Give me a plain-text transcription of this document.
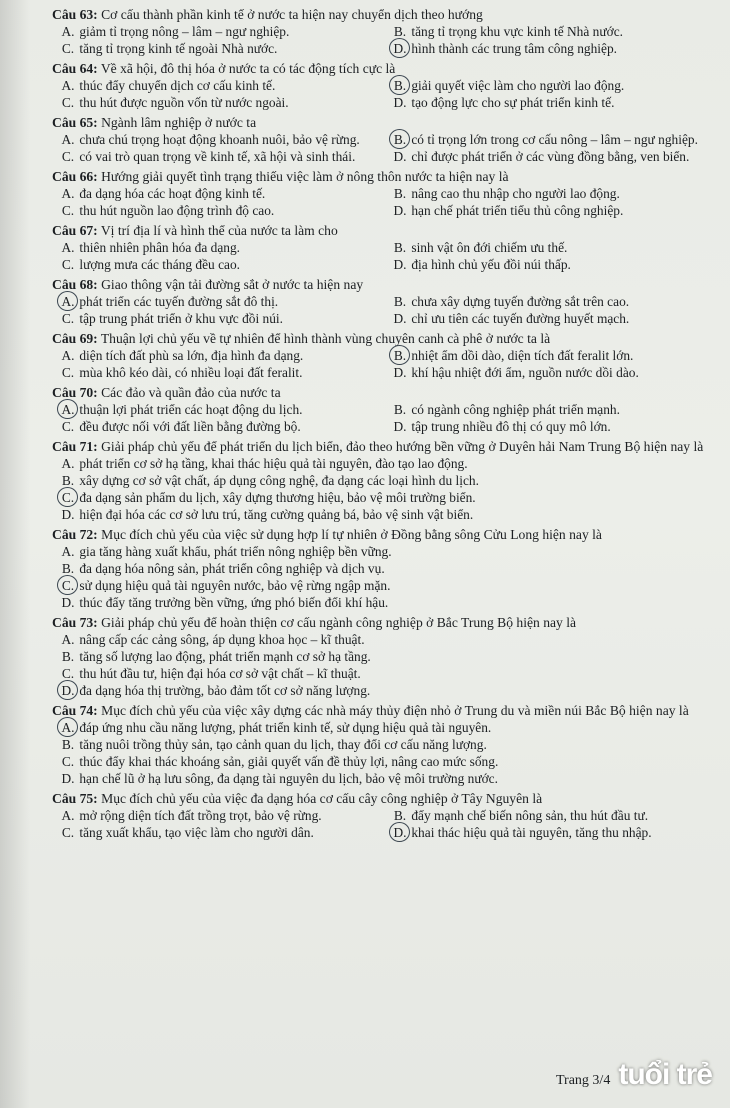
Câu 63: Cơ cấu thành phần kinh tế ở nước ta hiện nay chuyển dịch theo hướng

A. giảm tỉ trọng nông – lâm – ngư nghiệp.	B. tăng tỉ trọng khu vực kinh tế Nhà nước.
C. tăng tỉ trọng kinh tế ngoài Nhà nước.	D. hình thành các trung tâm công nghiệp.

Câu 64: Về xã hội, đô thị hóa ở nước ta có tác động tích cực là

A. thúc đẩy chuyển dịch cơ cấu kinh tế.	B. giải quyết việc làm cho người lao động.
C. thu hút được nguồn vốn từ nước ngoài.	D. tạo động lực cho sự phát triển kinh tế.

Câu 65: Ngành lâm nghiệp ở nước ta

A. chưa chú trọng hoạt động khoanh nuôi, bảo vệ rừng.	B. có tỉ trọng lớn trong cơ cấu nông – lâm – ngư nghiệp.
C. có vai trò quan trọng về kinh tế, xã hội và sinh thái.	D. chỉ được phát triển ở các vùng đồng bằng, ven biển.

Câu 66: Hướng giải quyết tình trạng thiếu việc làm ở nông thôn nước ta hiện nay là

A. đa dạng hóa các hoạt động kinh tế.	B. nâng cao thu nhập cho người lao động.
C. thu hút nguồn lao động trình độ cao.	D. hạn chế phát triển tiểu thủ công nghiệp.

Câu 67: Vị trí địa lí và hình thể của nước ta làm cho

A. thiên nhiên phân hóa đa dạng.	B. sinh vật ôn đới chiếm ưu thế.
C. lượng mưa các tháng đều cao.	D. địa hình chủ yếu đồi núi thấp.

Câu 68: Giao thông vận tải đường sắt ở nước ta hiện nay

A. phát triển các tuyến đường sắt đô thị.	B. chưa xây dựng tuyến đường sắt trên cao.
C. tập trung phát triển ở khu vực đồi núi.	D. chỉ ưu tiên các tuyến đường huyết mạch.

Câu 69: Thuận lợi chủ yếu về tự nhiên để hình thành vùng chuyên canh cà phê ở nước ta là

A. diện tích đất phù sa lớn, địa hình đa dạng.	B. nhiệt ẩm dồi dào, diện tích đất feralit lớn.
C. mùa khô kéo dài, có nhiều loại đất feralit.	D. khí hậu nhiệt đới ẩm, nguồn nước dồi dào.

Câu 70: Các đảo và quần đảo của nước ta

A. thuận lợi phát triển các hoạt động du lịch.	B. có ngành công nghiệp phát triển mạnh.
C. đều được nối với đất liền bằng đường bộ.	D. tập trung nhiều đô thị có quy mô lớn.

Câu 71: Giải pháp chủ yếu để phát triển du lịch biển, đảo theo hướng bền vững ở Duyên hải Nam Trung Bộ hiện nay là

A. phát triển cơ sở hạ tầng, khai thác hiệu quả tài nguyên, đào tạo lao động.
B. xây dựng cơ sở vật chất, áp dụng công nghệ, đa dạng các loại hình du lịch.
C. đa dạng sản phẩm du lịch, xây dựng thương hiệu, bảo vệ môi trường biển.
D. hiện đại hóa các cơ sở lưu trú, tăng cường quảng bá, bảo vệ sinh vật biển.

Câu 72: Mục đích chủ yếu của việc sử dụng hợp lí tự nhiên ở Đồng bằng sông Cửu Long hiện nay là

A. gia tăng hàng xuất khẩu, phát triển nông nghiệp bền vững.
B. đa dạng hóa nông sản, phát triển công nghiệp và dịch vụ.
C. sử dụng hiệu quả tài nguyên nước, bảo vệ rừng ngập mặn.
D. thúc đẩy tăng trưởng bền vững, ứng phó biến đổi khí hậu.

Câu 73: Giải pháp chủ yếu để hoàn thiện cơ cấu ngành công nghiệp ở Bắc Trung Bộ hiện nay là

A. nâng cấp các cảng sông, áp dụng khoa học – kĩ thuật.
B. tăng số lượng lao động, phát triển mạnh cơ sở hạ tầng.
C. thu hút đầu tư, hiện đại hóa cơ sở vật chất – kĩ thuật.
D. đa dạng hóa thị trường, bảo đảm tốt cơ sở năng lượng.

Câu 74: Mục đích chủ yếu của việc xây dựng các nhà máy thủy điện nhỏ ở Trung du và miền núi Bắc Bộ hiện nay là

A. đáp ứng nhu cầu năng lượng, phát triển kinh tế, sử dụng hiệu quả tài nguyên.
B. tăng nuôi trồng thủy sản, tạo cảnh quan du lịch, thay đổi cơ cấu năng lượng.
C. thúc đẩy khai thác khoáng sản, giải quyết vấn đề thủy lợi, nâng cao mức sống.
D. hạn chế lũ ở hạ lưu sông, đa dạng tài nguyên du lịch, bảo vệ môi trường nước.

Câu 75: Mục đích chủ yếu của việc đa dạng hóa cơ cấu cây công nghiệp ở Tây Nguyên là

A. mở rộng diện tích đất trồng trọt, bảo vệ rừng.	B. đẩy mạnh chế biến nông sản, thu hút đầu tư.
C. tăng xuất khẩu, tạo việc làm cho người dân.	D. khai thác hiệu quả tài nguyên, tăng thu nhập.
Trang 3/4 tuổi trẻ
